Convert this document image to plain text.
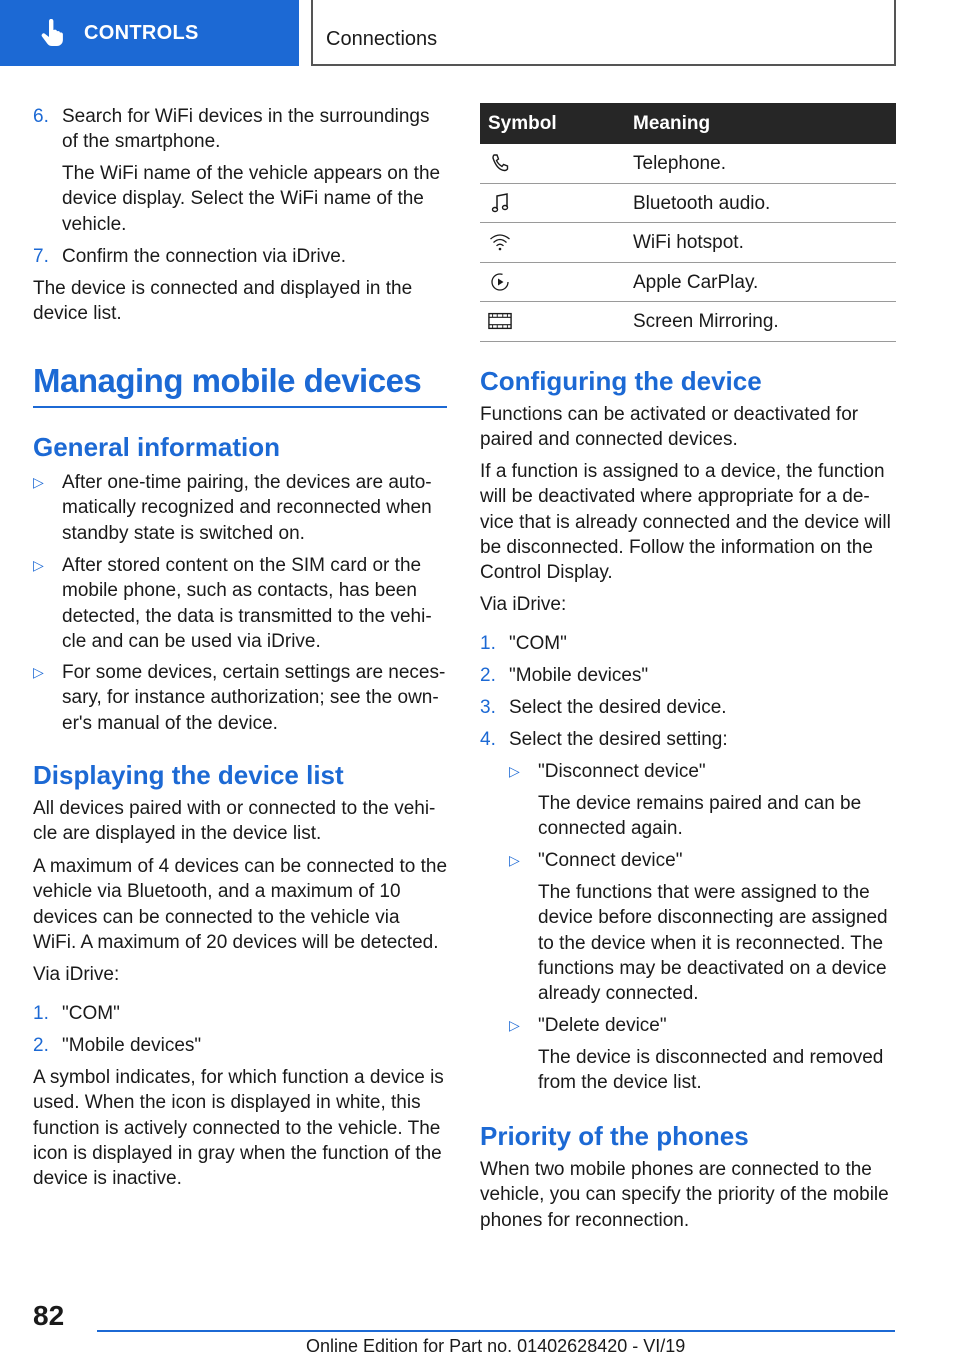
CONTROLS	Connections
6. Search for WiFi devices in the surroundings of the smartphone.

The WiFi name of the vehicle appears on the device display. Select the WiFi name of the vehicle.

7. Confirm the connection via iDrive.

The device is connected and displayed in the device list.

Managing mobile devices
General information
▷ After one-time pairing, the devices are auto‐ matically recognized and reconnected when standby state is switched on.

▷ After stored content on the SIM card or the mobile phone, such as contacts, has been detected, the data is transmitted to the vehi‐ cle and can be used via iDrive.

▷ For some devices, certain settings are neces‐ sary, for instance authorization; see the own‐ er's manual of the device.

Displaying the device list

All devices paired with or connected to the vehi‐ cle are displayed in the device list.

A maximum of 4 devices can be connected to the vehicle via Bluetooth, and a maximum of 10 devices can be connected to the vehicle via WiFi. A maximum of 20 devices will be detected.

Via iDrive:

1. "COM"

2. "Mobile devices"

A symbol indicates, for which function a device is used. When the icon is displayed in white, this function is actively connected to the vehicle. The icon is displayed in gray when the function of the device is inactive.

Symbol	Meaning
Telephone.
Bluetooth audio.
WiFi hotspot.
Apple CarPlay.
Screen Mirroring.
Configuring the device

Functions can be activated or deactivated for paired and connected devices.

If a function is assigned to a device, the function will be deactivated where appropriate for a de‐ vice that is already connected and the device will be disconnected. Follow the information on the Control Display.

Via iDrive:

1. "COM"

2. "Mobile devices"

3. Select the desired device.

4. Select the desired setting:

▷ "Disconnect device"

The device remains paired and can be connected again.

▷ "Connect device"

The functions that were assigned to the device before disconnecting are assigned to the device when it is reconnected. The functions may be deactivated on a device already connected.

▷ "Delete device"

The device is disconnected and removed from the device list.

Priority of the phones

When two mobile phones are connected to the vehicle, you can specify the priority of the mobile phones for reconnection.

82
Online Edition for Part no. 01402628420 - VI/19
